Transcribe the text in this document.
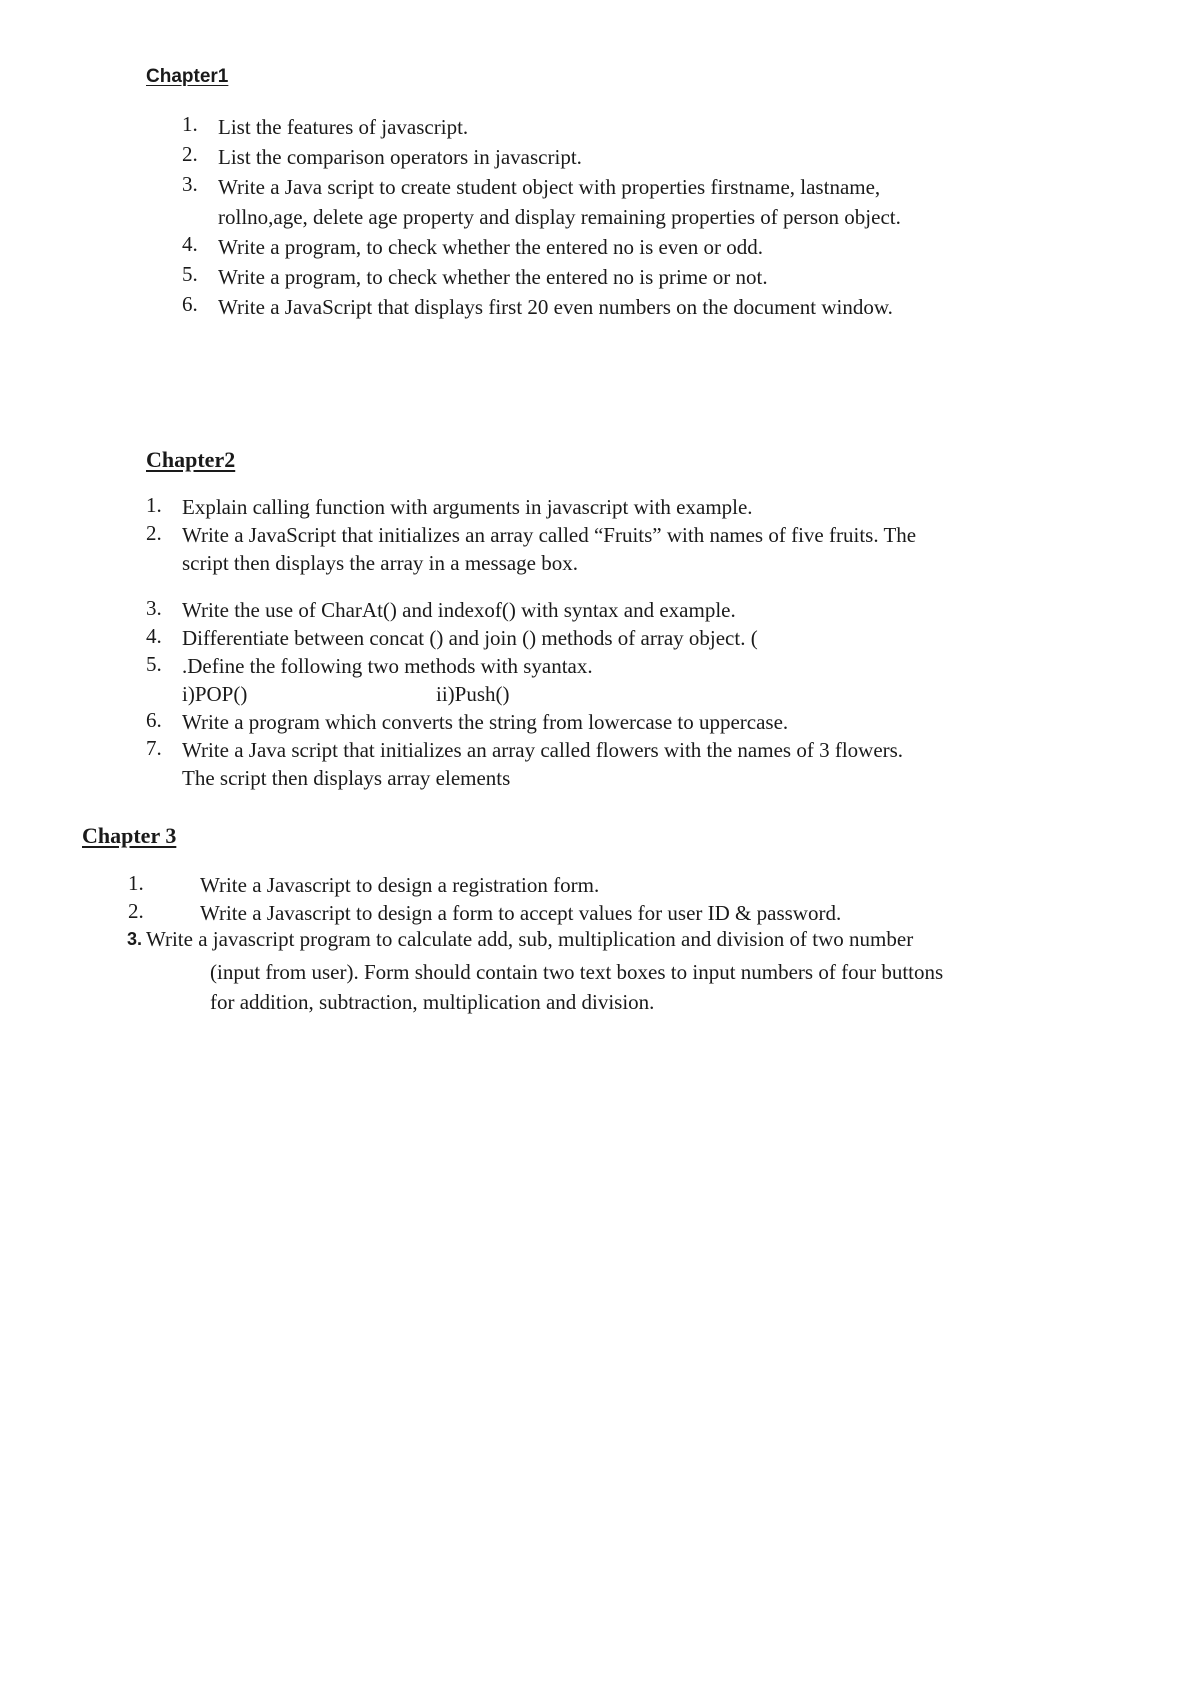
Chapter1
1. List the features of javascript.
2. List the comparison operators in javascript.
3. Write a Java script to create student object with properties firstname, lastname,
rollno,age, delete age property and display remaining properties of person object.
4. Write a program, to check whether the entered no is even or odd.
5. Write a program, to check whether the entered no is prime or not.
6. Write a JavaScript that displays first 20 even numbers on the document window.
Chapter2
1. Explain calling function with arguments in javascript with example.
2. Write a JavaScript that initializes an array called “Fruits” with names of five fruits. The
script then displays the array in a message box.
3. Write the use of CharAt() and indexof() with syntax and example.
4. Differentiate between concat () and join () methods of array object. (
5. .Define the following two methods with syantax.
i)POP()	ii)Push()
6. Write a program which converts the string from lowercase to uppercase.
7. Write a Java script that initializes an array called flowers with the names of 3 flowers.
The script then displays array elements
Chapter 3
1.	Write a Javascript to design a registration form.
2.	Write a Javascript to design a form to accept values for user ID & password.
3. Write a javascript program to calculate add, sub, multiplication and division of two number
(input from user). Form should contain two text boxes to input numbers of four buttons
for addition, subtraction, multiplication and division.
